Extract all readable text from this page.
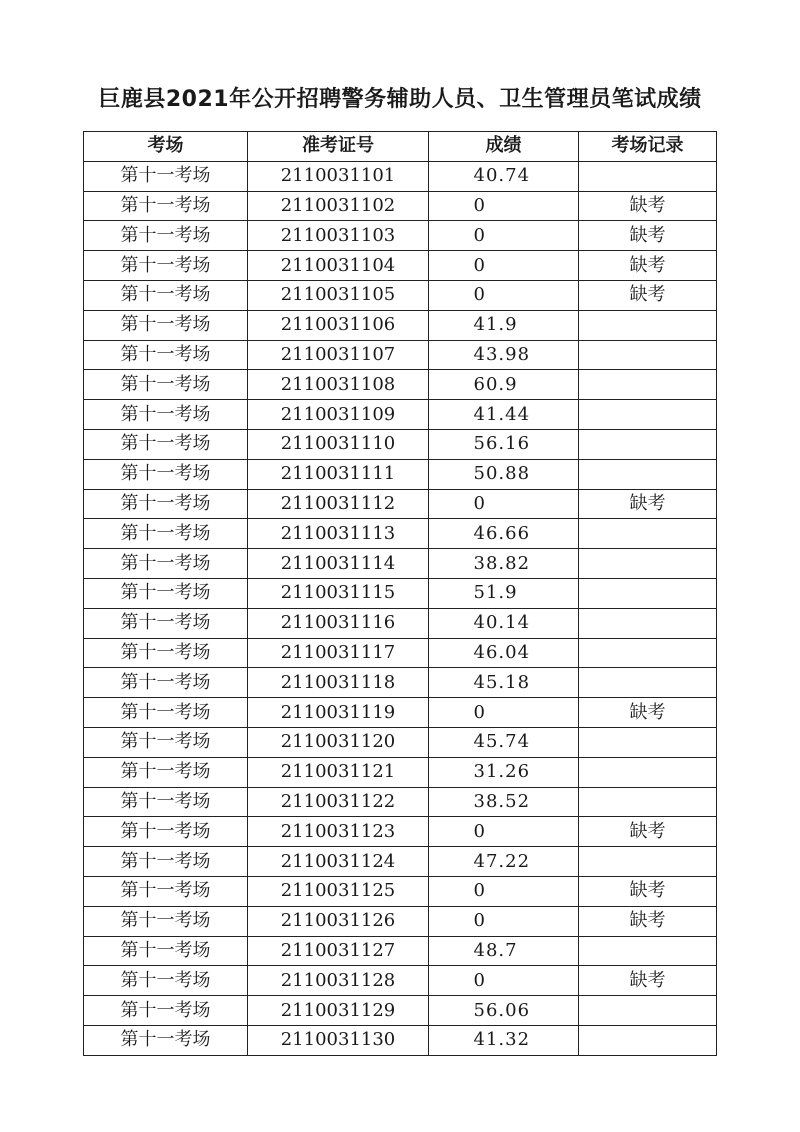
巨鹿县2021年公开招聘警务辅助人员、卫生管理员笔试成绩
考场	准考证号	成绩	考场记录
第十一考场	2110031101	40.74	
第十一考场	2110031102	0	缺考
第十一考场	2110031103	0	缺考
第十一考场	2110031104	0	缺考
第十一考场	2110031105	0	缺考
第十一考场	2110031106	41.9	
第十一考场	2110031107	43.98	
第十一考场	2110031108	60.9	
第十一考场	2110031109	41.44	
第十一考场	2110031110	56.16	
第十一考场	2110031111	50.88	
第十一考场	2110031112	0	缺考
第十一考场	2110031113	46.66	
第十一考场	2110031114	38.82	
第十一考场	2110031115	51.9	
第十一考场	2110031116	40.14	
第十一考场	2110031117	46.04	
第十一考场	2110031118	45.18	
第十一考场	2110031119	0	缺考
第十一考场	2110031120	45.74	
第十一考场	2110031121	31.26	
第十一考场	2110031122	38.52	
第十一考场	2110031123	0	缺考
第十一考场	2110031124	47.22	
第十一考场	2110031125	0	缺考
第十一考场	2110031126	0	缺考
第十一考场	2110031127	48.7	
第十一考场	2110031128	0	缺考
第十一考场	2110031129	56.06	
第十一考场	2110031130	41.32	
